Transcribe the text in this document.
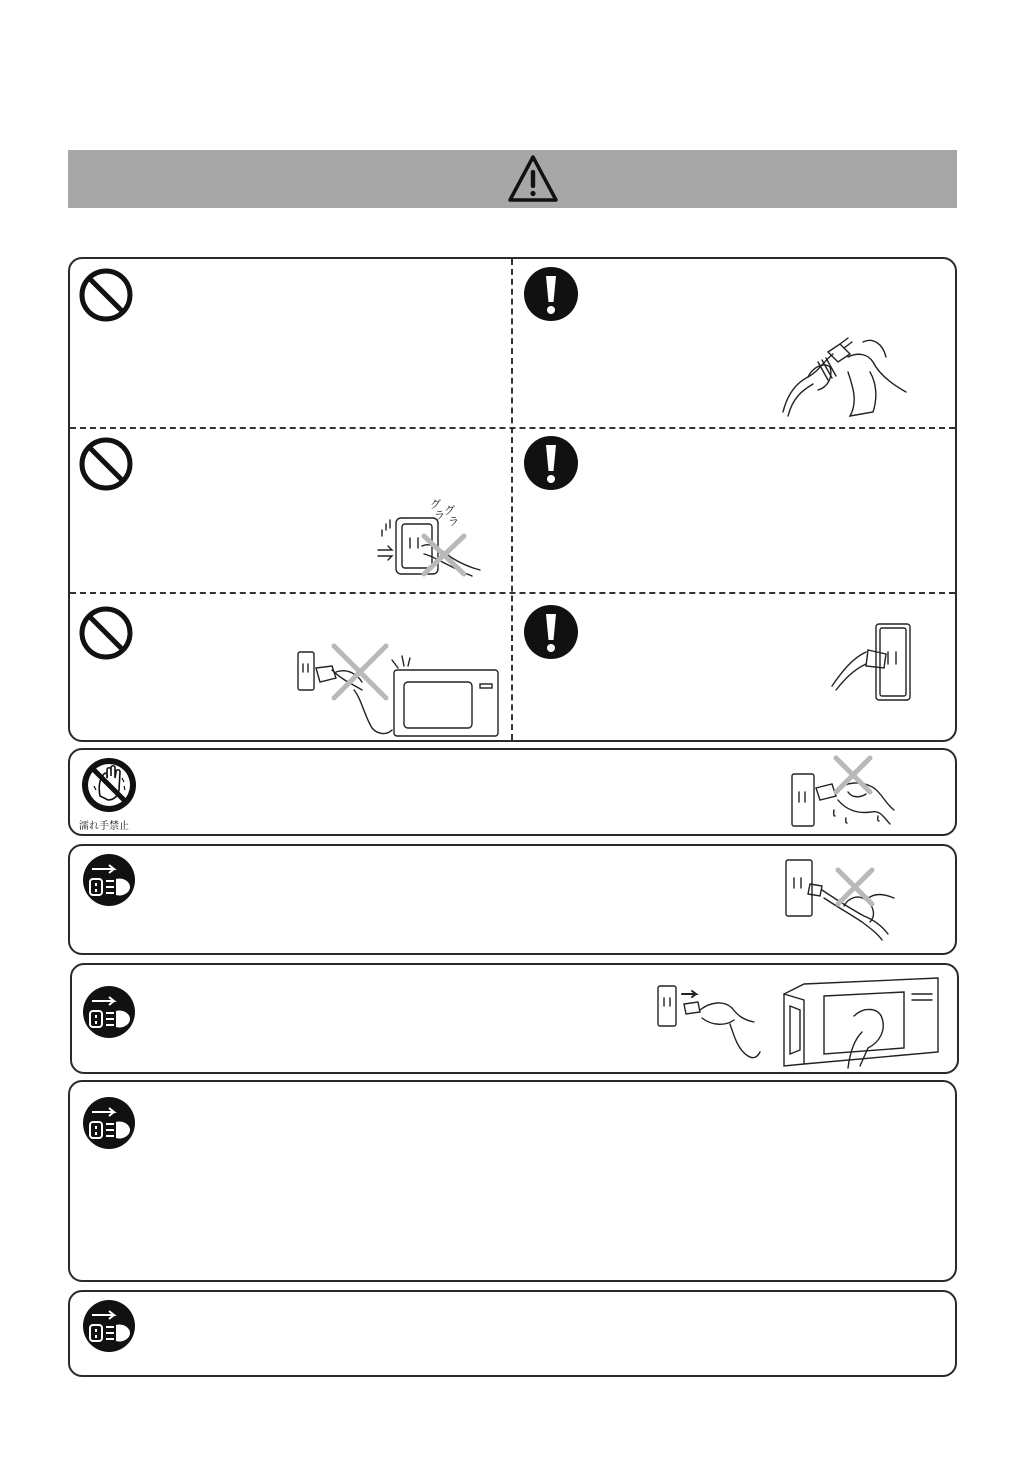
グ
ラ グ
ラ
濡れ手禁止
